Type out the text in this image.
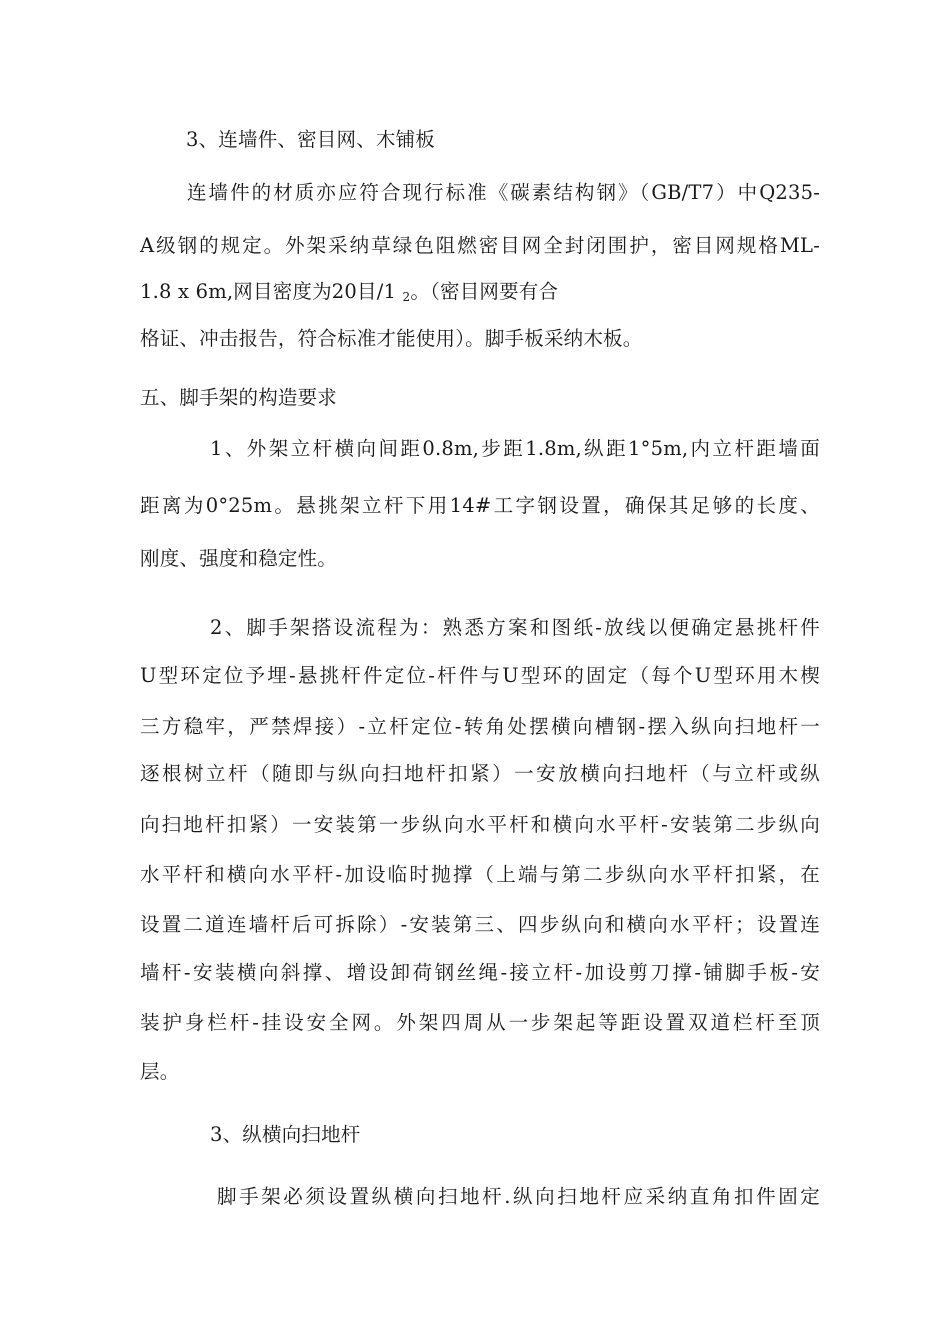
3、连墙件、密目网、木铺板
连墙件的材质亦应符合现行标准《碳素结构钢》（GB/T7）中Q235-
A级钢的规定。外架采纳草绿色阻燃密目网全封闭围护，密目网规格ML-
1.8 x 6m,网目密度为20目/1 $_2$。（密目网要有合
格证、冲击报告，符合标准才能使用）。脚手板采纳木板。
五、脚手架的构造要求
1、外架立杆横向间距0.8m,步距1.8m,纵距1°5m,内立杆距墙面
距离为0°25m。悬挑架立杆下用14#工字钢设置，确保其足够的长度、
刚度、强度和稳定性。
2、脚手架搭设流程为：熟悉方案和图纸-放线以便确定悬挑杆件
U型环定位予埋-悬挑杆件定位-杆件与U型环的固定（每个U型环用木楔
三方稳牢，严禁焊接）-立杆定位-转角处摆横向槽钢-摆入纵向扫地杆一
逐根树立杆（随即与纵向扫地杆扣紧）一安放横向扫地杆（与立杆或纵
向扫地杆扣紧）一安装第一步纵向水平杆和横向水平杆-安装第二步纵向
水平杆和横向水平杆-加设临时抛撑（上端与第二步纵向水平杆扣紧，在
设置二道连墙杆后可拆除）-安装第三、四步纵向和横向水平杆；设置连
墙杆-安装横向斜撑、增设卸荷钢丝绳-接立杆-加设剪刀撑-铺脚手板-安
装护身栏杆-挂设安全网。外架四周从一步架起等距设置双道栏杆至顶
层。
3、纵横向扫地杆
脚手架必须设置纵横向扫地杆.纵向扫地杆应采纳直角扣件固定
